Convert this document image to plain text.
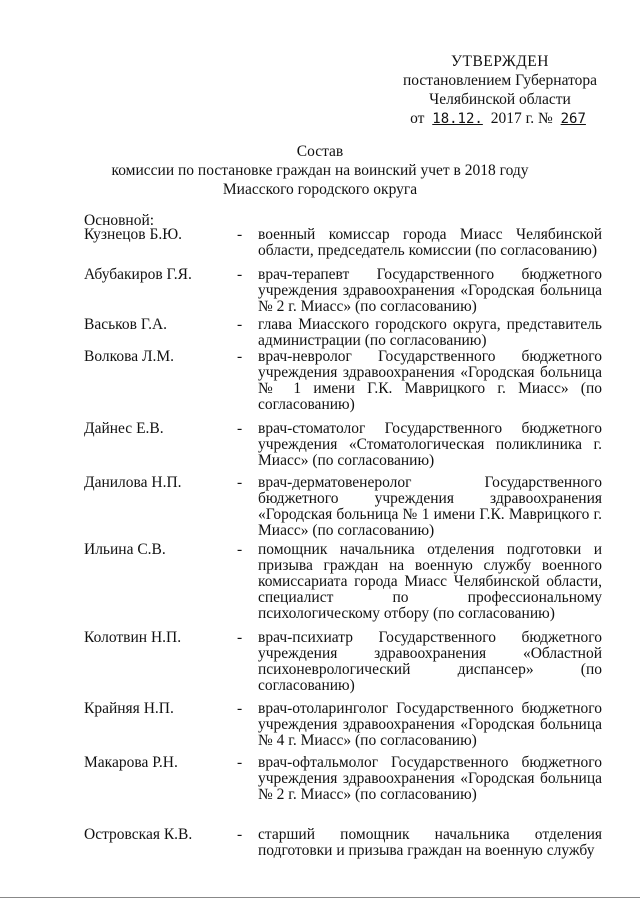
УТВЕРЖДЕН
постановлением Губернатора
Челябинской области
от 18.12. 2017 г. № 267
Состав
комиссии по постановке граждан на воинский учет в 2018 году
Миасского городского округа
Основной:
Кузнецов Б.Ю.	- военный комиссар города Миасс Челябинской области, председатель комиссии (по согласованию)
Абубакиров Г.Я.	- врач-терапевт Государственного бюджетного учреждения здравоохранения «Городская больница № 2 г. Миасс» (по согласованию)
Васьков Г.А.	- глава Миасского городского округа, представитель администрации (по согласованию)
Волкова Л.М.	- врач-невролог Государственного бюджетного учреждения здравоохранения «Городская больница № 1 имени Г.К. Маврицкого г. Миасс» (по согласованию)
Дайнес Е.В.	- врач-стоматолог Государственного бюджетного учреждения «Стоматологическая поликлиника г. Миасс» (по согласованию)
Данилова Н.П.	- врач-дерматовенеролог Государственного бюджетного учреждения здравоохранения «Городская больница № 1 имени Г.К. Маврицкого г. Миасс» (по согласованию)
Ильина С.В.	- помощник начальника отделения подготовки и призыва граждан на военную службу военного комиссариата города Миасс Челябинской области, специалист по профессиональному психологическому отбору (по согласованию)
Колотвин Н.П.	- врач-психиатр Государственного бюджетного учреждения здравоохранения «Областной психоневрологический диспансер» (по согласованию)
Крайняя Н.П.	- врач-отоларинголог Государственного бюджетного учреждения здравоохранения «Городская больница № 4 г. Миасс» (по согласованию)
Макарова Р.Н.	- врач-офтальмолог Государственного бюджетного учреждения здравоохранения «Городская больница № 2 г. Миасс» (по согласованию)
Островская К.В.	- старший помощник начальника отделения подготовки и призыва граждан на военную службу
